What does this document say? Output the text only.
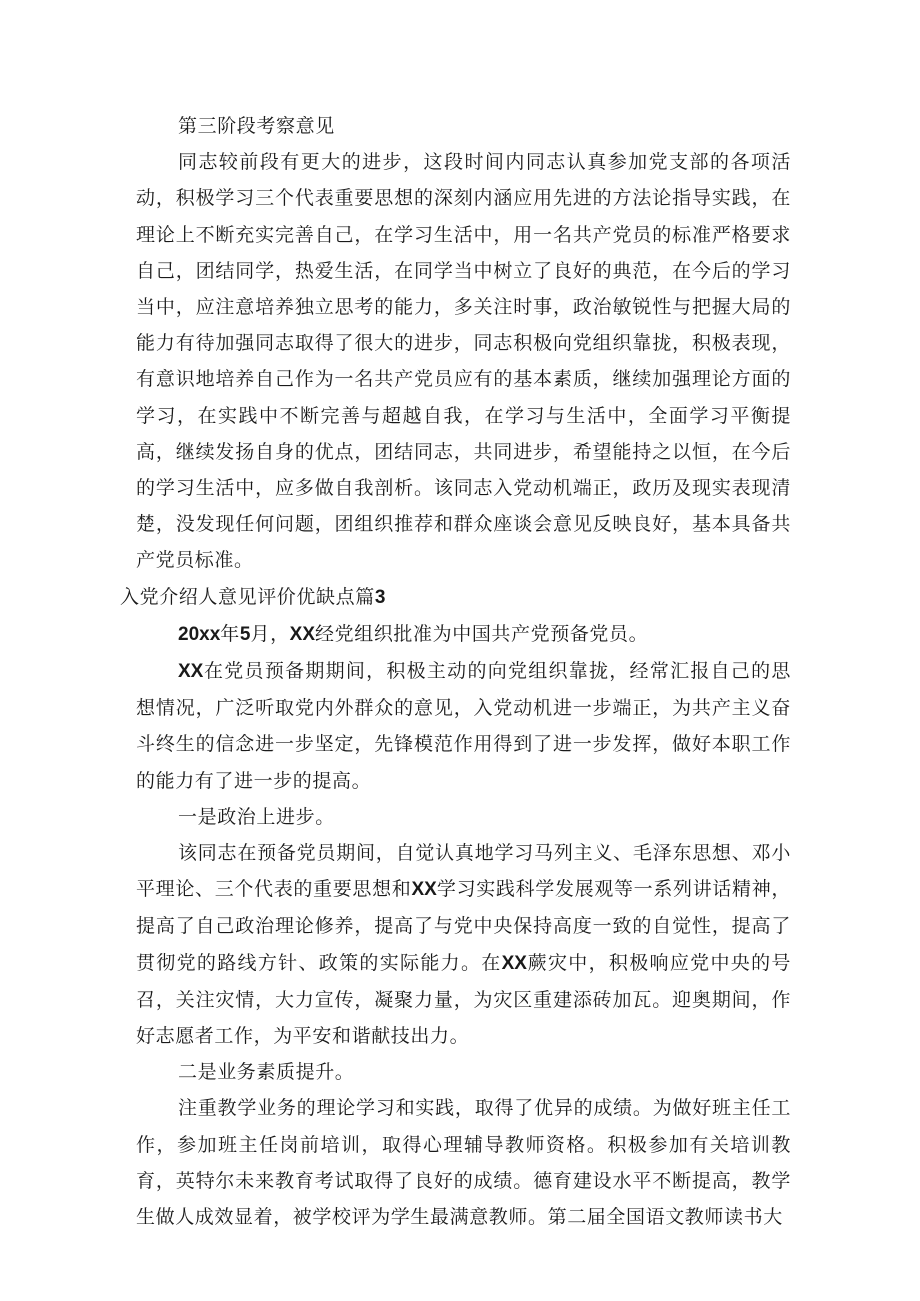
第三阶段考察意见

同志较前段有更大的进步，这段时间内同志认真参加党支部的各项活动，积极学习三个代表重要思想的深刻内涵应用先进的方法论指导实践，在理论上不断充实完善自己，在学习生活中，用一名共产党员的标准严格要求自己，团结同学，热爱生活，在同学当中树立了良好的典范，在今后的学习当中，应注意培养独立思考的能力，多关注时事，政治敏锐性与把握大局的能力有待加强同志取得了很大的进步，同志积极向党组织靠拢，积极表现，有意识地培养自己作为一名共产党员应有的基本素质，继续加强理论方面的学习，在实践中不断完善与超越自我，在学习与生活中，全面学习平衡提高，继续发扬自身的优点，团结同志，共同进步，希望能持之以恒，在今后的学习生活中，应多做自我剖析。该同志入党动机端正，政历及现实表现清楚，没发现任何问题，团组织推荐和群众座谈会意见反映良好，基本具备共产党员标准。

入党介绍人意见评价优缺点篇3

20xx年5月，XX经党组织批准为中国共产党预备党员。

XX在党员预备期期间，积极主动的向党组织靠拢，经常汇报自己的思想情况，广泛听取党内外群众的意见，入党动机进一步端正，为共产主义奋斗终生的信念进一步坚定，先锋模范作用得到了进一步发挥，做好本职工作的能力有了进一步的提高。

一是政治上进步。

该同志在预备党员期间，自觉认真地学习马列主义、毛泽东思想、邓小平理论、三个代表的重要思想和XX学习实践科学发展观等一系列讲话精神，提高了自己政治理论修养，提高了与党中央保持高度一致的自觉性，提高了贯彻党的路线方针、政策的实际能力。在XX蕨灾中，积极响应党中央的号召，关注灾情，大力宣传，凝聚力量，为灾区重建添砖加瓦。迎奥期间，作好志愿者工作，为平安和谐献技出力。

二是业务素质提升。

注重教学业务的理论学习和实践，取得了优异的成绩。为做好班主任工作，参加班主任岗前培训，取得心理辅导教师资格。积极参加有关培训教育，英特尔未来教育考试取得了良好的成绩。德育建设水平不断提高，教学生做人成效显着，被学校评为学生最满意教师。第二届全国语文教师读书大
